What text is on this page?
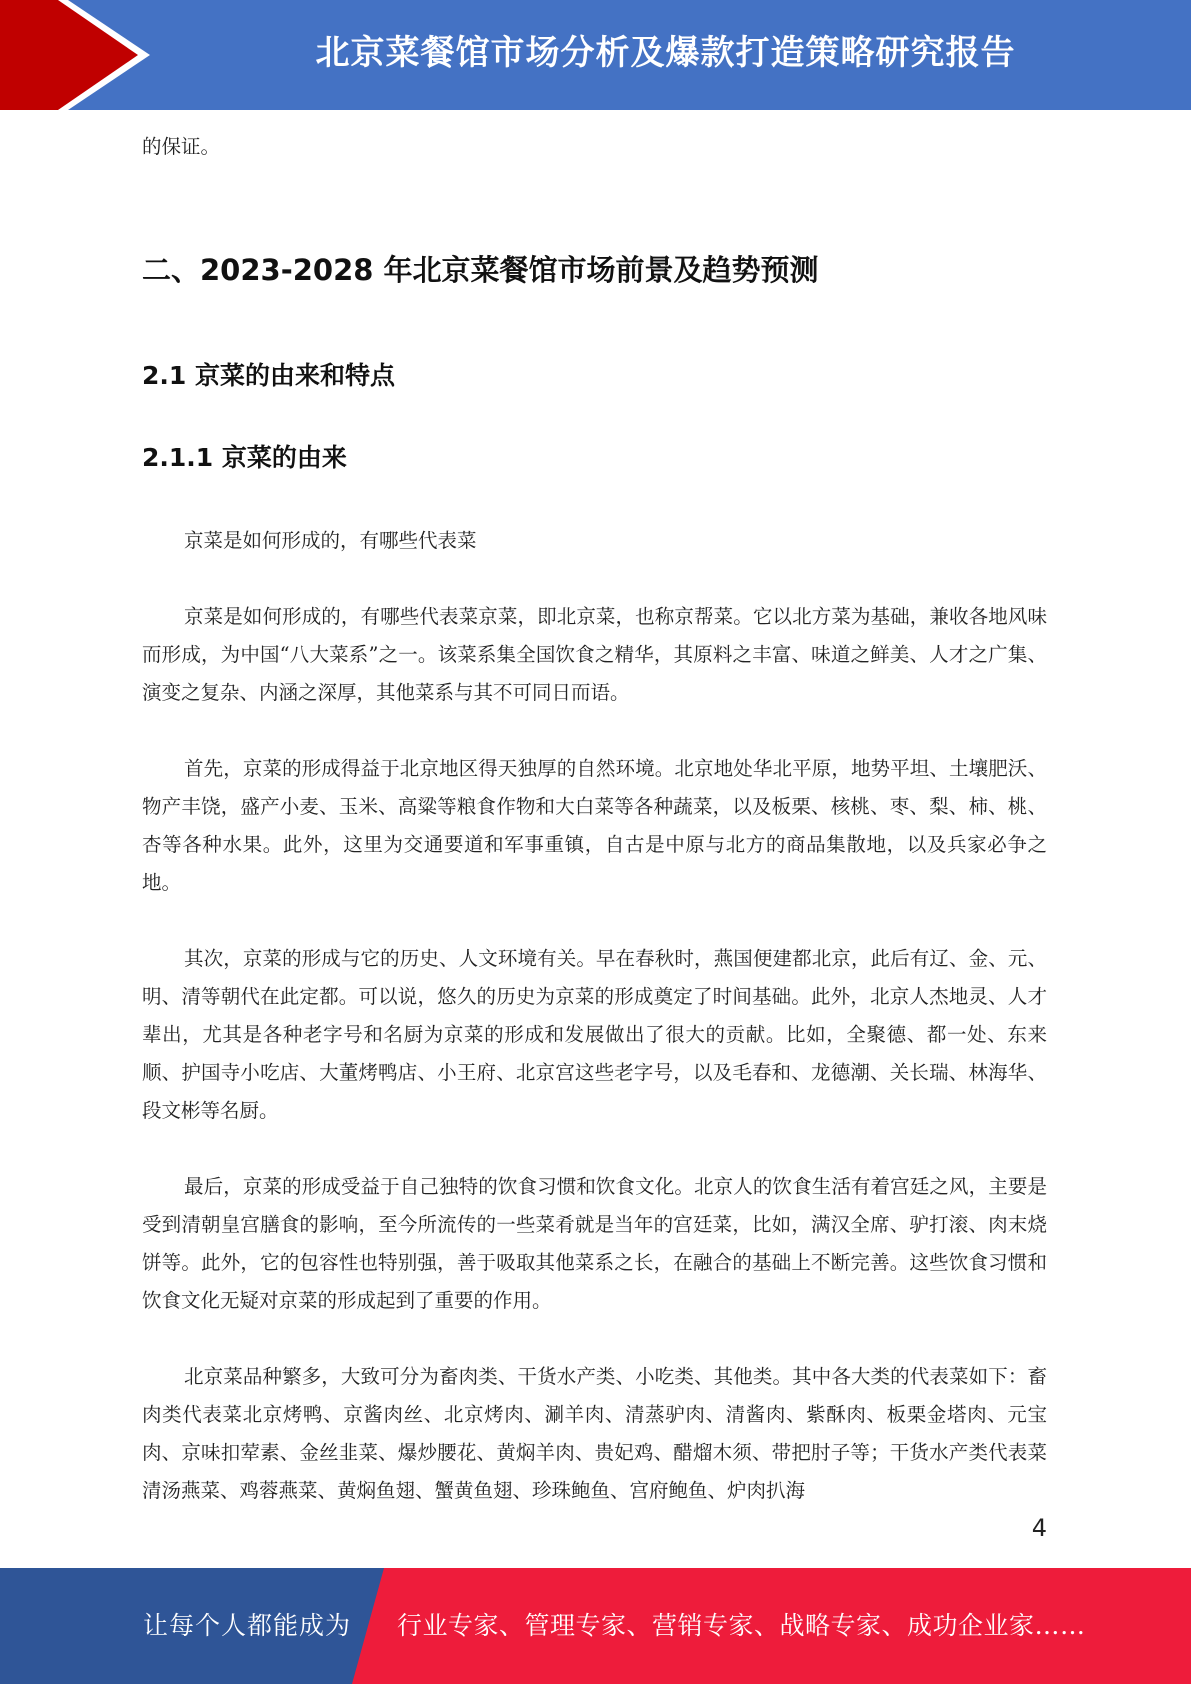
北京菜餐馆市场分析及爆款打造策略研究报告

的保证。

二、2023-2028 年北京菜餐馆市场前景及趋势预测
2.1 京菜的由来和特点
2.1.1 京菜的由来

京菜是如何形成的，有哪些代表菜

京菜是如何形成的，有哪些代表菜京菜，即北京菜，也称京帮菜。它以北方菜为基础，兼收各地风味而形成，为中国“八大菜系”之一。该菜系集全国饮食之精华，其原料之丰富、味道之鲜美、人才之广集、演变之复杂、内涵之深厚，其他菜系与其不可同日而语。

首先，京菜的形成得益于北京地区得天独厚的自然环境。北京地处华北平原，地势平坦、土壤肥沃、物产丰饶，盛产小麦、玉米、高粱等粮食作物和大白菜等各种蔬菜，以及板栗、核桃、枣、梨、柿、桃、杏等各种水果。此外，这里为交通要道和军事重镇，自古是中原与北方的商品集散地，以及兵家必争之地。

其次，京菜的形成与它的历史、人文环境有关。早在春秋时，燕国便建都北京，此后有辽、金、元、明、清等朝代在此定都。可以说，悠久的历史为京菜的形成奠定了时间基础。此外，北京人杰地灵、人才辈出，尤其是各种老字号和名厨为京菜的形成和发展做出了很大的贡献。比如，全聚德、都一处、东来顺、护国寺小吃店、大董烤鸭店、小王府、北京宫这些老字号，以及毛春和、龙德潮、关长瑞、林海华、段文彬等名厨。

最后，京菜的形成受益于自己独特的饮食习惯和饮食文化。北京人的饮食生活有着宫廷之风，主要是受到清朝皇宫膳食的影响，至今所流传的一些菜肴就是当年的宫廷菜，比如，满汉全席、驴打滚、肉末烧饼等。此外，它的包容性也特别强，善于吸取其他菜系之长，在融合的基础上不断完善。这些饮食习惯和饮食文化无疑对京菜的形成起到了重要的作用。

北京菜品种繁多，大致可分为畜肉类、干货水产类、小吃类、其他类。其中各大类的代表菜如下：畜肉类代表菜北京烤鸭、京酱肉丝、北京烤肉、涮羊肉、清蒸驴肉、清酱肉、紫酥肉、板栗金塔肉、元宝肉、京味扣荤素、金丝韭菜、爆炒腰花、黄焖羊肉、贵妃鸡、醋熘木须、带把肘子等；干货水产类代表菜清汤燕菜、鸡蓉燕菜、黄焖鱼翅、蟹黄鱼翅、珍珠鲍鱼、宫府鲍鱼、炉肉扒海

4
让每个人都能成为 行业专家、管理专家、营销专家、战略专家、成功企业家……
